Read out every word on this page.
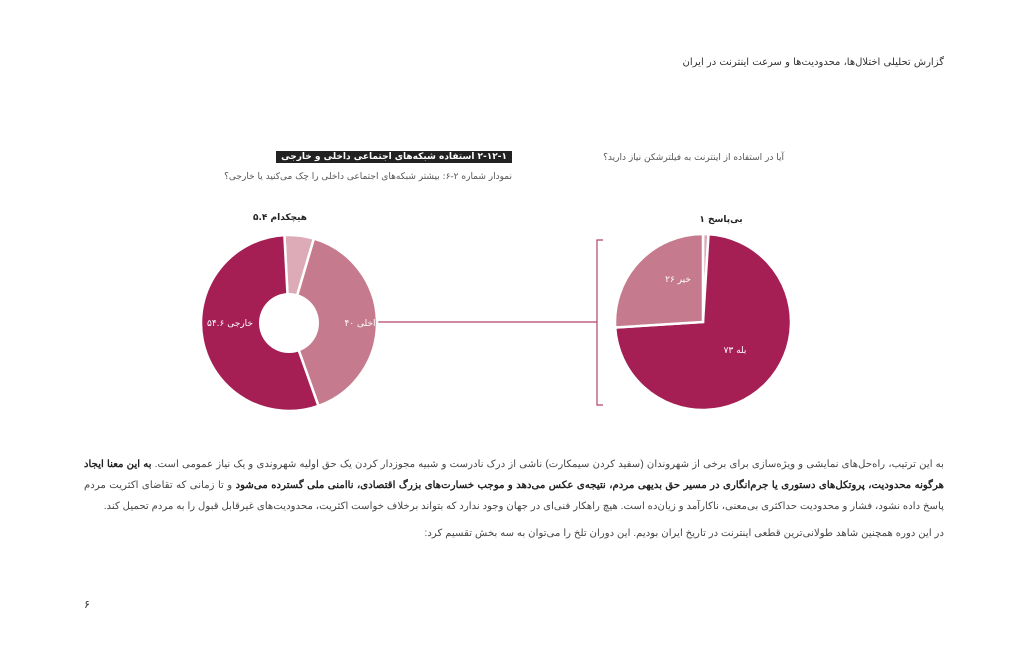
گزارش تحلیلی اختلال‌ها، محدودیت‌ها و سرعت اینترنت در ایران
آیا در استفاده از اینترنت به فیلترشکن نیاز دارید؟
۲-۱۲-۱ استفاده شبکه‌های اجتماعی داخلی و خارجی
نمودار شماره ۲-۶: بیشتر شبکه‌های اجتماعی داخلی را چک می‌کنید یا خارجی؟
هیچکدام ۵.۴
داخلی ۴۰
خارجی ۵۴.۶
بی‌پاسخ ۱
بله ۷۳
خیر ۲۶

به این ترتیب، راه‌حل‌های نمایشی و ویژه‌سازی برای برخی از شهروندان (سفید کردن سیمکارت) ناشی از درک نادرست و شبیه مجوزدار کردن یک حق اولیه شهروندی و یک نیاز عمومی است. به این معنا ایجاد هرگونه محدودیت، پروتکل‌های دستوری یا جرم‌انگاری در مسیر حق بدیهی مردم، نتیجه‌ی عکس می‌دهد و موجب خسارت‌های بزرگ اقتصادی، ناامنی ملی گسترده می‌شود و تا زمانی که تقاضای اکثریت مردم پاسخ داده نشود، فشار و محدودیت حداکثری بی‌معنی، ناکارآمد و زیان‌ده است. هیچ راهکار فنی‌ای در جهان وجود ندارد که بتواند برخلاف خواست اکثریت، محدودیت‌های غیرقابل قبول را به مردم تحمیل کند.

در این دوره همچنین شاهد طولانی‌ترین قطعی اینترنت در تاریخ ایران بودیم. این دوران تلخ را می‌توان به سه بخش تقسیم کرد:

۶
